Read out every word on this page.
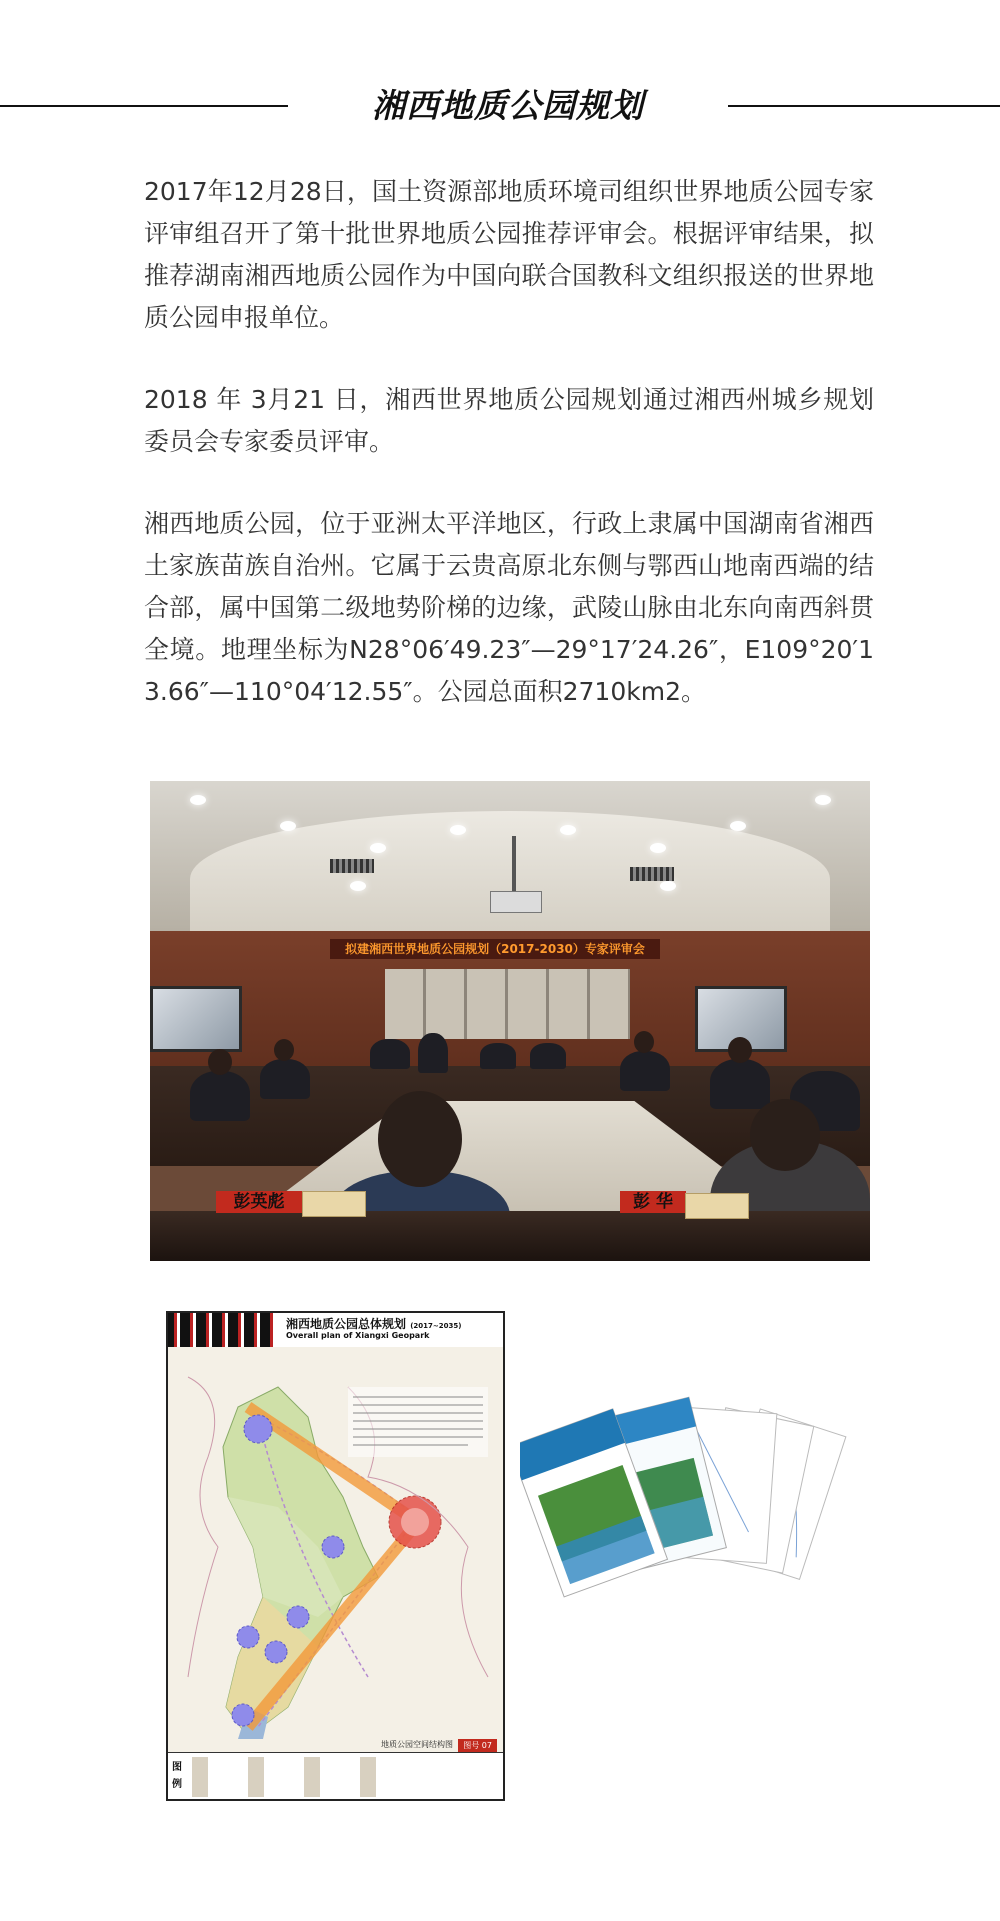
湘西地质公园规划

2017年12月28日，国土资源部地质环境司组织世界地质公园专家评审组召开了第十批世界地质公园推荐评审会。根据评审结果，拟推荐湖南湘西地质公园作为中国向联合国教科文组织报送的世界地质公园申报单位。

2018 年 3月21 日，湘西世界地质公园规划通过湘西州城乡规划委员会专家委员评审。

湘西地质公园，位于亚洲太平洋地区，行政上隶属中国湖南省湘西土家族苗族自治州。它属于云贵高原北东侧与鄂西山地南西端的结合部，属中国第二级地势阶梯的边缘，武陵山脉由北东向南西斜贯全境。地理坐标为N28°06′49.23″—29°17′24.26″，E109°20′13.66″—110°04′12.55″。公园总面积2710km2。

拟建湘西世界地质公园规划（2017-2030）专家评审会
彭英彪	彭 华
湘西地质公园总体规划 (2017~2035)
Overall plan of Xiangxi Geopark
图例
地质公园空间结构图	图号 07
